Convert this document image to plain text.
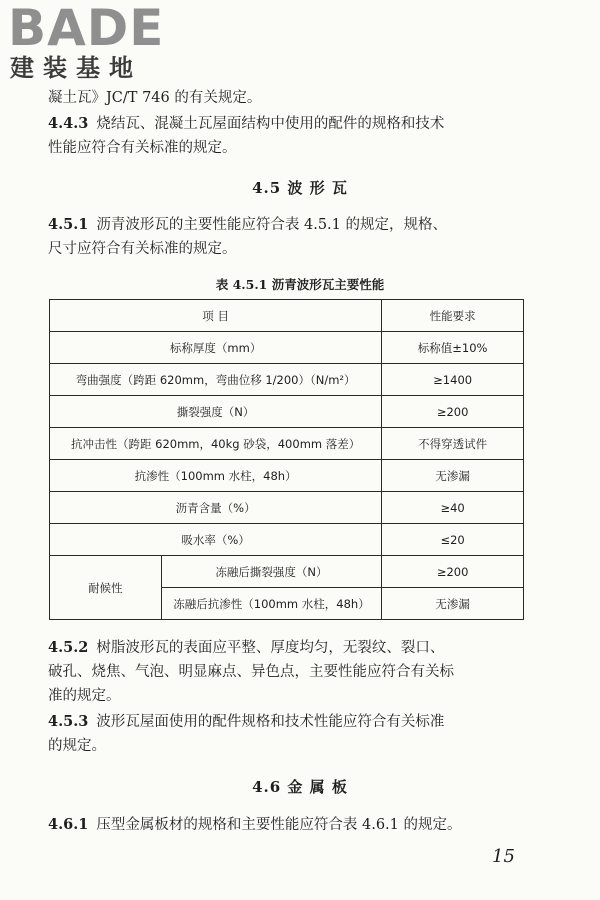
BADE
建装基地
凝土瓦》JC/T 746 的有关规定。
4.4.3 烧结瓦、混凝土瓦屋面结构中使用的配件的规格和技术
性能应符合有关标准的规定。
4.5 波 形 瓦
4.5.1 沥青波形瓦的主要性能应符合表 4.5.1 的规定，规格、
尺寸应符合有关标准的规定。
表 4.5.1 沥青波形瓦主要性能
项 目		性能要求
标称厚度（mm）		标称值±10%
弯曲强度（跨距 620mm，弯曲位移 1/200）（N/m²）		≥1400
撕裂强度（N）		≥200
抗冲击性（跨距 620mm，40kg 砂袋，400mm 落差）		不得穿透试件
抗渗性（100mm 水柱，48h）		无渗漏
沥青含量（%）		≥40
吸水率（%）		≤20
耐候性	冻融后撕裂强度（N）	≥200
	冻融后抗渗性（100mm 水柱，48h）	无渗漏
4.5.2 树脂波形瓦的表面应平整、厚度均匀，无裂纹、裂口、
破孔、烧焦、气泡、明显麻点、异色点，主要性能应符合有关标
准的规定。
4.5.3 波形瓦屋面使用的配件规格和技术性能应符合有关标准
的规定。
4.6 金 属 板
4.6.1 压型金属板材的规格和主要性能应符合表 4.6.1 的规定。
15
